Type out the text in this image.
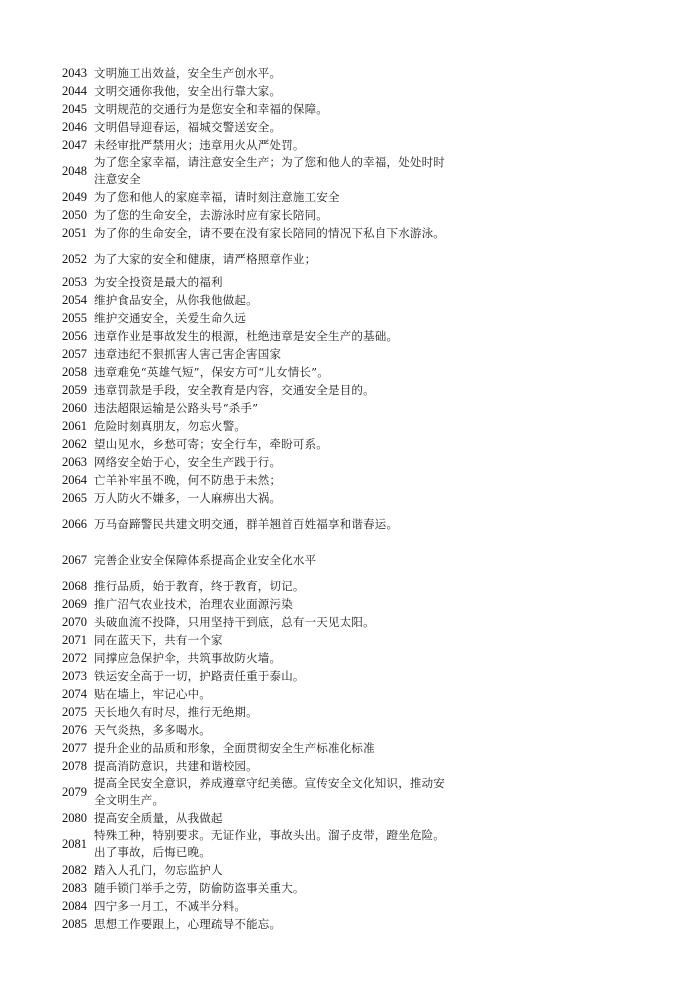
2043 文明施工出效益，安全生产创水平。
2044 文明交通你我他，安全出行靠大家。
2045 文明规范的交通行为是您安全和幸福的保障。
2046 文明倡导迎春运，福城交警送安全。
2047 未经审批严禁用火；违章用火从严处罚。
2048
为了您全家幸福，请注意安全生产；为了您和他人的幸福，处处时时注意安全
2049 为了您和他人的家庭幸福，请时刻注意施工安全
2050 为了您的生命安全，去游泳时应有家长陪同。
2051 为了你的生命安全，请不要在没有家长陪同的情况下私自下水游泳。
2052 为了大家的安全和健康，请严格照章作业；
2053 为安全投资是最大的福利
2054 维护食品安全，从你我他做起。
2055 维护交通安全，关爱生命久远
2056 违章作业是事故发生的根源，杜绝违章是安全生产的基础。
2057 违章违纪不狠抓害人害己害企害国家
2058 违章难免“英雄气短”，保安方可“儿女情长”。
2059 违章罚款是手段，安全教育是内容，交通安全是目的。
2060 违法超限运输是公路头号“杀手”
2061 危险时刻真朋友，勿忘火警。
2062 望山见水，乡愁可寄；安全行车，牵盼可系。
2063 网络安全始于心，安全生产践于行。
2064 亡羊补牢虽不晚，何不防患于未然；
2065 万人防火不嫌多，一人麻痹出大祸。
2066 万马奋蹄警民共建文明交通，群羊翘首百姓福享和谐春运。
2067 完善企业安全保障体系提高企业安全化水平
2068 推行品质，始于教育，终于教育，切记。
2069 推广沼气农业技术，治理农业面源污染
2070 头破血流不投降，只用坚持干到底，总有一天见太阳。
2071 同在蓝天下，共有一个家
2072 同撑应急保护伞，共筑事故防火墙。
2073 铁运安全高于一切，护路责任重于泰山。
2074 贴在墙上，牢记心中。
2075 天长地久有时尽，推行无绝期。
2076 天气炎热，多多喝水。
2077 提升企业的品质和形象，全面贯彻安全生产标准化标准
2078 提高消防意识，共建和谐校园。
2079
提高全民安全意识，养成遵章守纪美德。宣传安全文化知识，推动安全文明生产。
2080 提高安全质量，从我做起
2081
特殊工种，特别要求。无证作业，事故头出。溜子皮带，蹬坐危险。出了事故，后悔已晚。
2082 踏入人孔门，勿忘监护人
2083 随手锁门举手之劳，防偷防盗事关重大。
2084 四宁多一月工，不减半分料。
2085 思想工作要跟上，心理疏导不能忘。
